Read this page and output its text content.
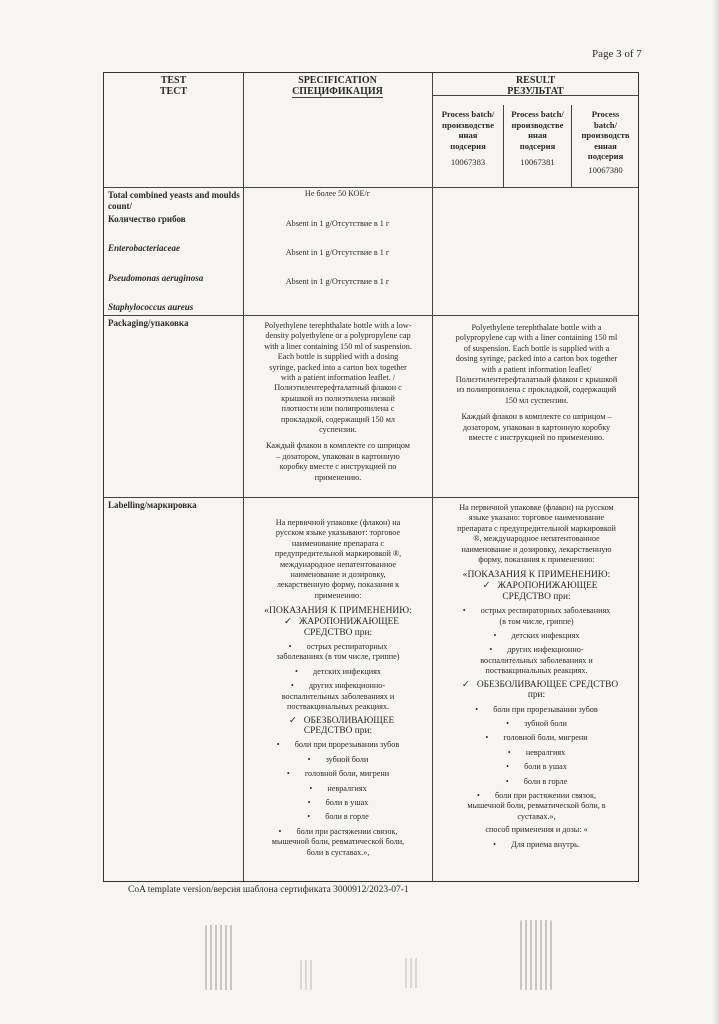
Page 3 of 7
TEST
ТЕСТ
SPECIFICATION
СПЕЦИФИКАЦИЯ
RESULT
РЕЗУЛЬТАТ
Process batch/
производстве
нная
подсерия
10067383
Process batch/
производстве
нная
подсерия
10067381
Process
batch/
производств
енная
подсерия
10067380
Total combined yeasts and moulds count/
Количество грибов
Enterobacteriaceae
Pseudomonas aeruginosa
Staphylococcus aureus
Не более 50 КОЕ/г
Absent in 1 g/Отсутствие в 1 г
Absent in 1 g/Отсутствие в 1 г
Absent in 1 g/Отсутствие в 1 г
Packaging/упаковка	Polyethylene terephthalate bottle with a low-
density polyethylene or a polypropylene cap
with a liner containing 150 ml of suspension.
Each bottle is supplied with a dosing
syringe, packed into a carton box together
with a patient information leaflet. /
Полиэтилентерефталатный флакон с
крышкой из полиэтилена низкой
плотности или полипропилена с
прокладкой, содержащий 150 мл
суспензии.
Каждый флакон в комплекте со шприцом
– дозатором, упакован в картонную
коробку вместе с инструкцией по
применению.
Polyethylene terephthalate bottle with a
polypropylene cap with a liner containing 150 ml
of suspension. Each bottle is supplied with a
dosing syringe, packed into a carton box together
with a patient information leaflet/
Полиэтилентерефталатный флакон с крышкой
из полипропилена с прокладкой, содержащий
150 мл суспензии.
Каждый флакон в комплекте со шприцом –
дозатором, упакован в картонную коробку
вместе с инструкцией по применению.
Labelling/маркировка
На первичной упаковке (флакон) на
русском языке указывают: торговое
наименование препарата с
предупредительной маркировкой ®,
международное непатентованное
наименование и дозировку,
лекарственную форму, показания к
применению:
«ПОКАЗАНИЯ К ПРИМЕНЕНИЮ:
✓ ЖАРОПОНИЖАЮЩЕЕ
СРЕДСТВО при:
• острых респираторных
заболеваниях (в том числе, гриппе)
• детских инфекциях
• других инфекционно-
воспалительных заболеваниях и
поствакцинальных реакциях.
✓ ОБЕЗБОЛИВАЮЩЕЕ
СРЕДСТВО при:
• боли при прорезывании зубов
• зубной боли
• головной боли, мигрени
• невралгиях
• боли в ушах
• боли в горле
• боли при растяжении связок,
мышечной боли, ревматической боли,
боли в суставах.»,
На первичной упаковке (флакон) на русском
языке указано: торговое наименование
препарата с предупредительной маркировкой
®, международное непатентованное
наименование и дозировку, лекарственную
форму, показания к применению:
«ПОКАЗАНИЯ К ПРИМЕНЕНИЮ:
✓ ЖАРОПОНИЖАЮЩЕЕ
СРЕДСТВО при:
• острых респираторных заболеваниях
(в том числе, гриппе)
• детских инфекциях
• других инфекционно-
воспалительных заболеваниях и
поствакцинальных реакциях.
✓ ОБЕЗБОЛИВАЮЩЕЕ СРЕДСТВО
при:
• боли при прорезывании зубов
• зубной боли
• головной боли, мигрени
• невралгиях
• боли в ушах
• боли в горле
• боли при растяжении связок,
мышечной боли, ревматической боли, в
суставах.»,
способ применения и дозы: «
• Для приема внутрь.
CoA template version/версия шаблона сертификата 3000912/2023-07-1
